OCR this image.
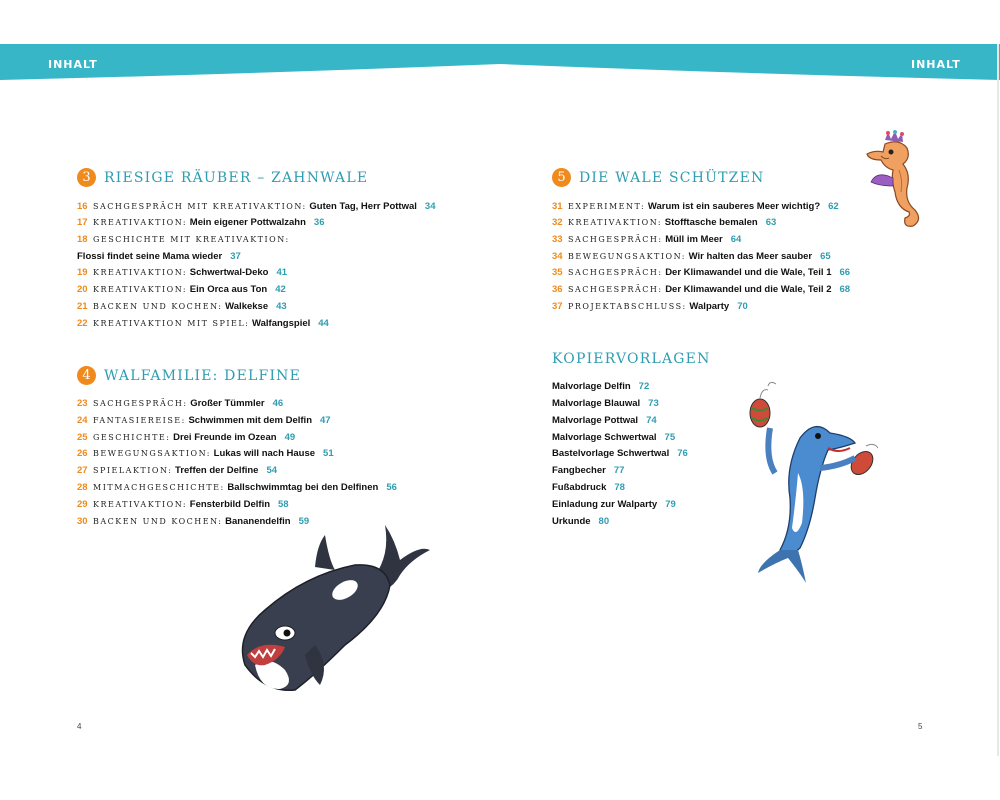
INHALT	INHALT
3 RIESIGE RÄUBER – ZAHNWALE
16 SACHGESPRÄCH MIT KREATIVAKTION: Guten Tag, Herr Pottwal 34
17 KREATIVAKTION: Mein eigener Pottwalzahn 36
18 GESCHICHTE MIT KREATIVAKTION:
Flossi findet seine Mama wieder 37
19 KREATIVAKTION: Schwertwal-Deko 41
20 KREATIVAKTION: Ein Orca aus Ton 42
21 BACKEN UND KOCHEN: Walkekse 43
22 KREATIVAKTION MIT SPIEL: Walfangspiel 44
4 WALFAMILIE: DELFINE
23 SACHGESPRÄCH: Großer Tümmler 46
24 FANTASIEREISE: Schwimmen mit dem Delfin 47
25 GESCHICHTE: Drei Freunde im Ozean 49
26 BEWEGUNGSAKTION: Lukas will nach Hause 51
27 SPIELAKTION: Treffen der Delfine 54
28 MITMACHGESCHICHTE: Ballschwimmtag bei den Delfinen 56
29 KREATIVAKTION: Fensterbild Delfin 58
30 BACKEN UND KOCHEN: Bananendelfin 59
5 DIE WALE SCHÜTZEN
31 EXPERIMENT: Warum ist ein sauberes Meer wichtig? 62
32 KREATIVAKTION: Stofftasche bemalen 63
33 SACHGESPRÄCH: Müll im Meer 64
34 BEWEGUNGSAKTION: Wir halten das Meer sauber 65
35 SACHGESPRÄCH: Der Klimawandel und die Wale, Teil 1 66
36 SACHGESPRÄCH: Der Klimawandel und die Wale, Teil 2 68
37 PROJEKTABSCHLUSS: Walparty 70
KOPIERVORLAGEN
Malvorlage Delfin 72
Malvorlage Blauwal 73
Malvorlage Pottwal 74
Malvorlage Schwertwal 75
Bastelvorlage Schwertwal 76
Fangbecher 77
Fußabdruck 78
Einladung zur Walparty 79
Urkunde 80
4	5
